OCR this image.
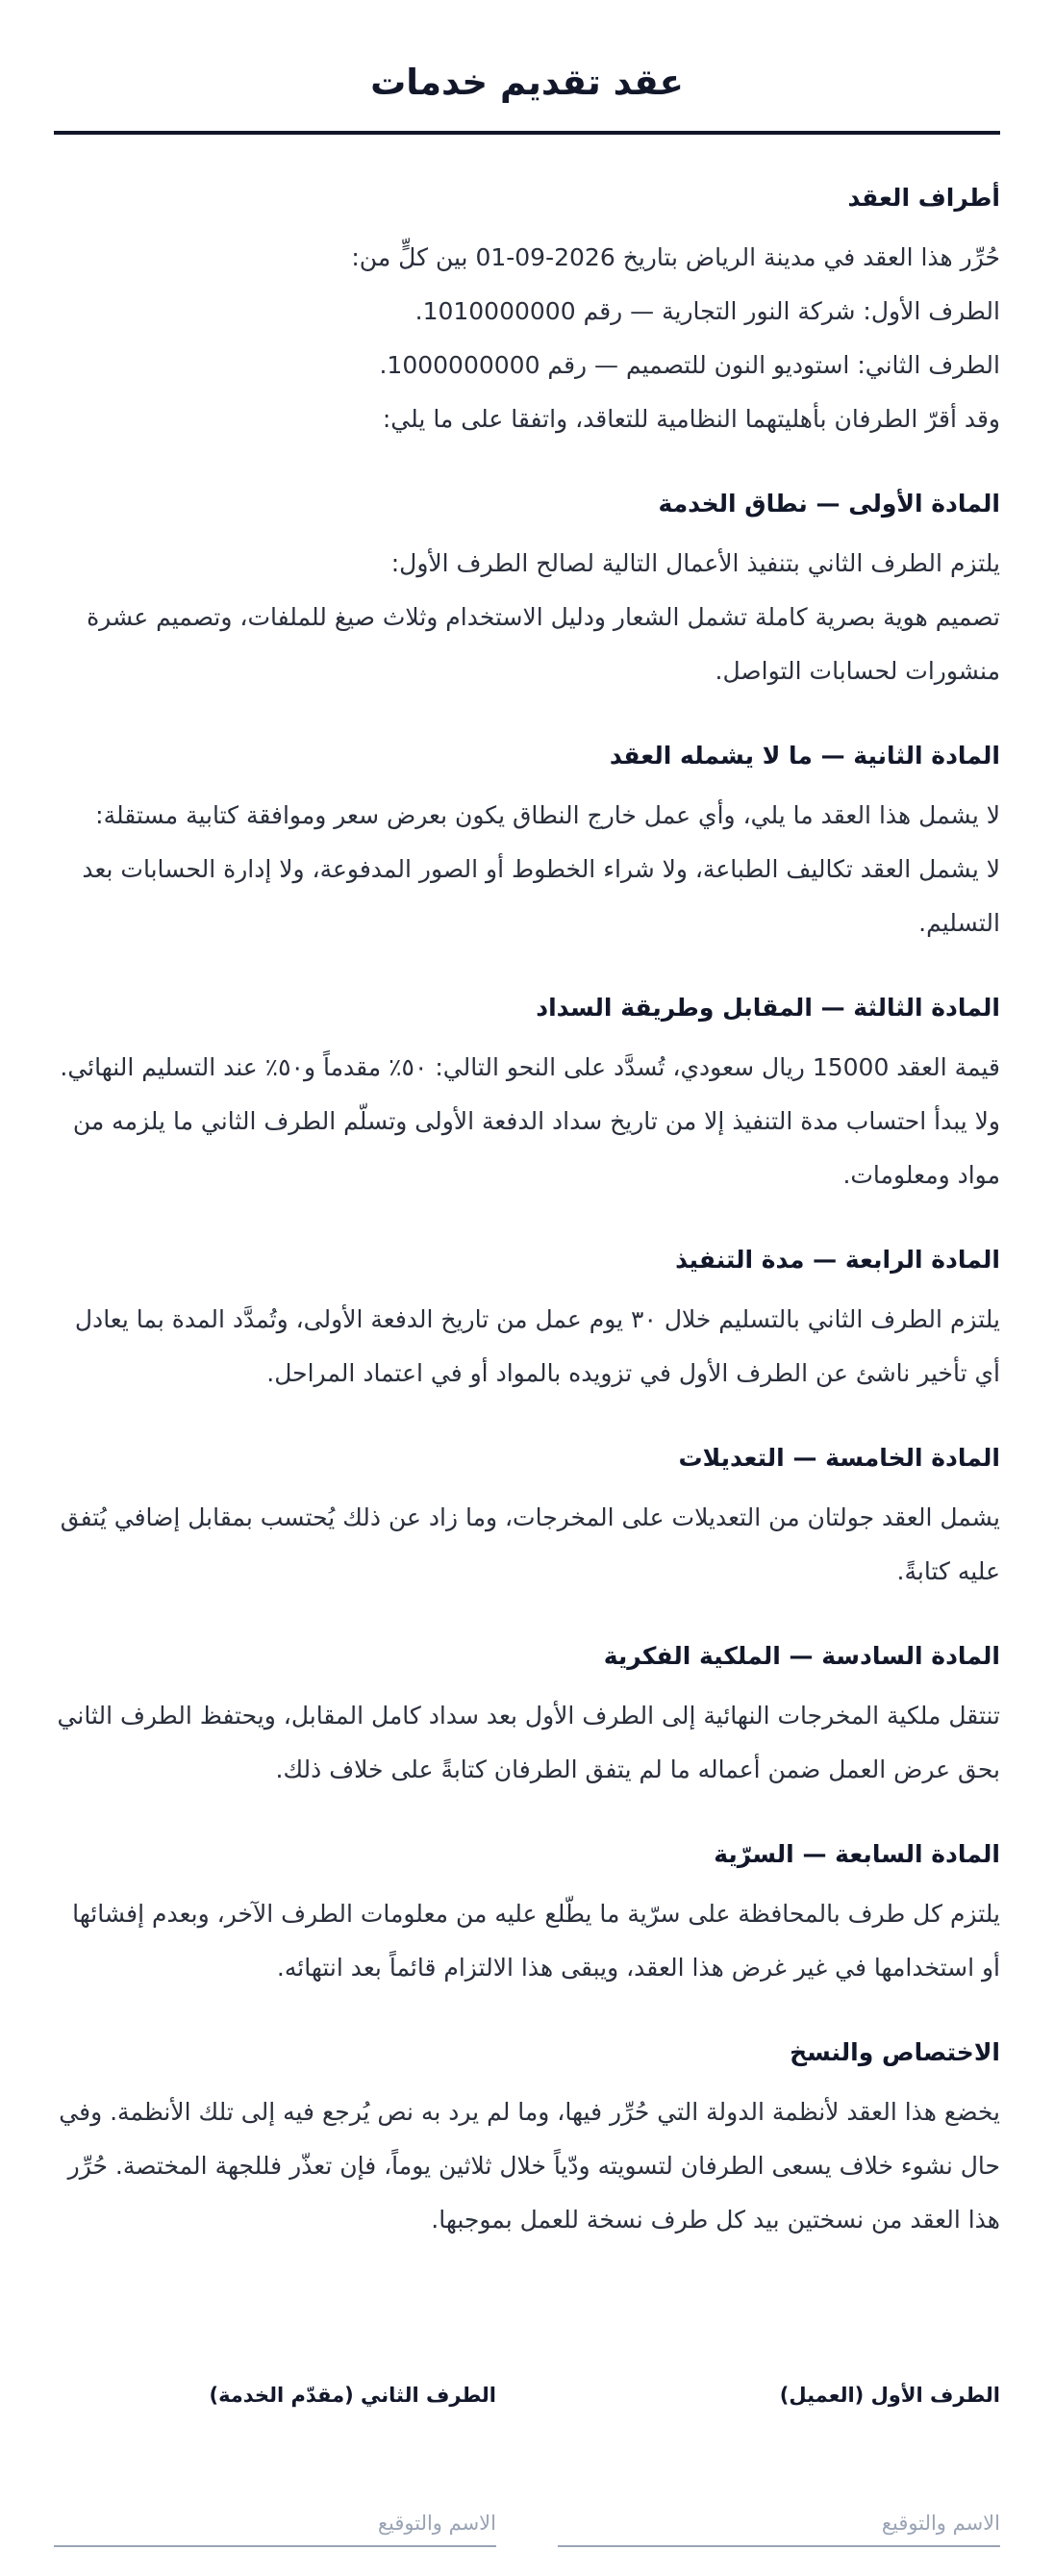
عقد تقديم خدمات
أطراف العقد

حُرِّر هذا العقد في مدينة الرياض بتاريخ 2026-09-01 بين كلٍّ من:

الطرف الأول: شركة النور التجارية — رقم 1010000000.

الطرف الثاني: استوديو النون للتصميم — رقم 1000000000.

وقد أقرّ الطرفان بأهليتهما النظامية للتعاقد، واتفقا على ما يلي:

المادة الأولى — نطاق الخدمة

يلتزم الطرف الثاني بتنفيذ الأعمال التالية لصالح الطرف الأول:

تصميم هوية بصرية كاملة تشمل الشعار ودليل الاستخدام وثلاث صيغ للملفات، وتصميم عشرة منشورات لحسابات التواصل.

المادة الثانية — ما لا يشمله العقد

لا يشمل هذا العقد ما يلي، وأي عمل خارج النطاق يكون بعرض سعر وموافقة كتابية مستقلة:

لا يشمل العقد تكاليف الطباعة، ولا شراء الخطوط أو الصور المدفوعة، ولا إدارة الحسابات بعد التسليم.

المادة الثالثة — المقابل وطريقة السداد

قيمة العقد 15000 ريال سعودي، تُسدَّد على النحو التالي: ٥٠٪ مقدماً و٥٠٪ عند التسليم النهائي. ولا يبدأ احتساب مدة التنفيذ إلا من تاريخ سداد الدفعة الأولى وتسلّم الطرف الثاني ما يلزمه من مواد ومعلومات.

المادة الرابعة — مدة التنفيذ

يلتزم الطرف الثاني بالتسليم خلال ٣٠ يوم عمل من تاريخ الدفعة الأولى، وتُمدَّد المدة بما يعادل أي تأخير ناشئ عن الطرف الأول في تزويده بالمواد أو في اعتماد المراحل.

المادة الخامسة — التعديلات

يشمل العقد جولتان من التعديلات على المخرجات، وما زاد عن ذلك يُحتسب بمقابل إضافي يُتفق عليه كتابةً.

المادة السادسة — الملكية الفكرية

تنتقل ملكية المخرجات النهائية إلى الطرف الأول بعد سداد كامل المقابل، ويحتفظ الطرف الثاني بحق عرض العمل ضمن أعماله ما لم يتفق الطرفان كتابةً على خلاف ذلك.

المادة السابعة — السرّية

يلتزم كل طرف بالمحافظة على سرّية ما يطّلع عليه من معلومات الطرف الآخر، وبعدم إفشائها أو استخدامها في غير غرض هذا العقد، ويبقى هذا الالتزام قائماً بعد انتهائه.

الاختصاص والنسخ

يخضع هذا العقد لأنظمة الدولة التي حُرِّر فيها، وما لم يرد به نص يُرجع فيه إلى تلك الأنظمة. وفي حال نشوء خلاف يسعى الطرفان لتسويته ودّياً خلال ثلاثين يوماً، فإن تعذّر فللجهة المختصة. حُرِّر هذا العقد من نسختين بيد كل طرف نسخة للعمل بموجبها.

الطرف الأول (العميل)
الاسم والتوقيع
الطرف الثاني (مقدّم الخدمة)
الاسم والتوقيع
